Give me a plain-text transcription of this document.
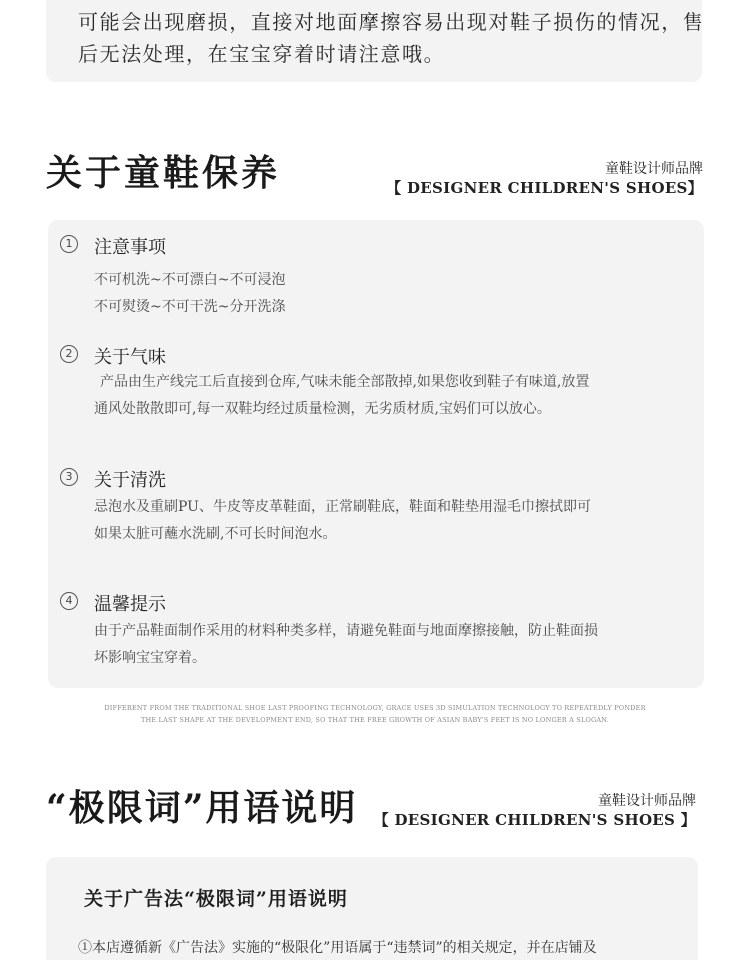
可能会出现磨损，直接对地面摩擦容易出现对鞋子损伤的情况，售
后无法处理，在宝宝穿着时请注意哦。
关于童鞋保养	童鞋设计师品牌
【 DESIGNER CHILDREN'S SHOES】
1	注意事项
不可机洗~不可漂白~不可浸泡
不可熨烫~不可干洗~分开洗涤
2	关于气味
产品由生产线完工后直接到仓库,气味未能全部散掉,如果您收到鞋子有味道,放置
通风处散散即可,每一双鞋均经过质量检测，无劣质材质,宝妈们可以放心。
3	关于清洗
忌泡水及重刷PU、牛皮等皮革鞋面，正常刷鞋底，鞋面和鞋垫用湿毛巾擦拭即可
如果太脏可蘸水洗刷,不可长时间泡水。
4	温馨提示
由于产品鞋面制作采用的材料种类多样，请避免鞋面与地面摩擦接触，防止鞋面损
坏影响宝宝穿着。
DIFFERENT FROM THE TRADITIONAL SHOE LAST PROOFING TECHNOLOGY, GRACE USES 3D SIMULATION TECHNOLOGY TO REPEATEDLY PONDER
THE LAST SHAPE AT THE DEVELOPMENT END, SO THAT THE FREE GROWTH OF ASIAN BABY'S FEET IS NO LONGER A SLOGAN.
“极限词”用语说明	童鞋设计师品牌
【 DESIGNER CHILDREN'S SHOES 】
关于广告法“极限词”用语说明
①本店遵循新《广告法》实施的“极限化”用语属于“违禁词”的相关规定，并在店铺及
